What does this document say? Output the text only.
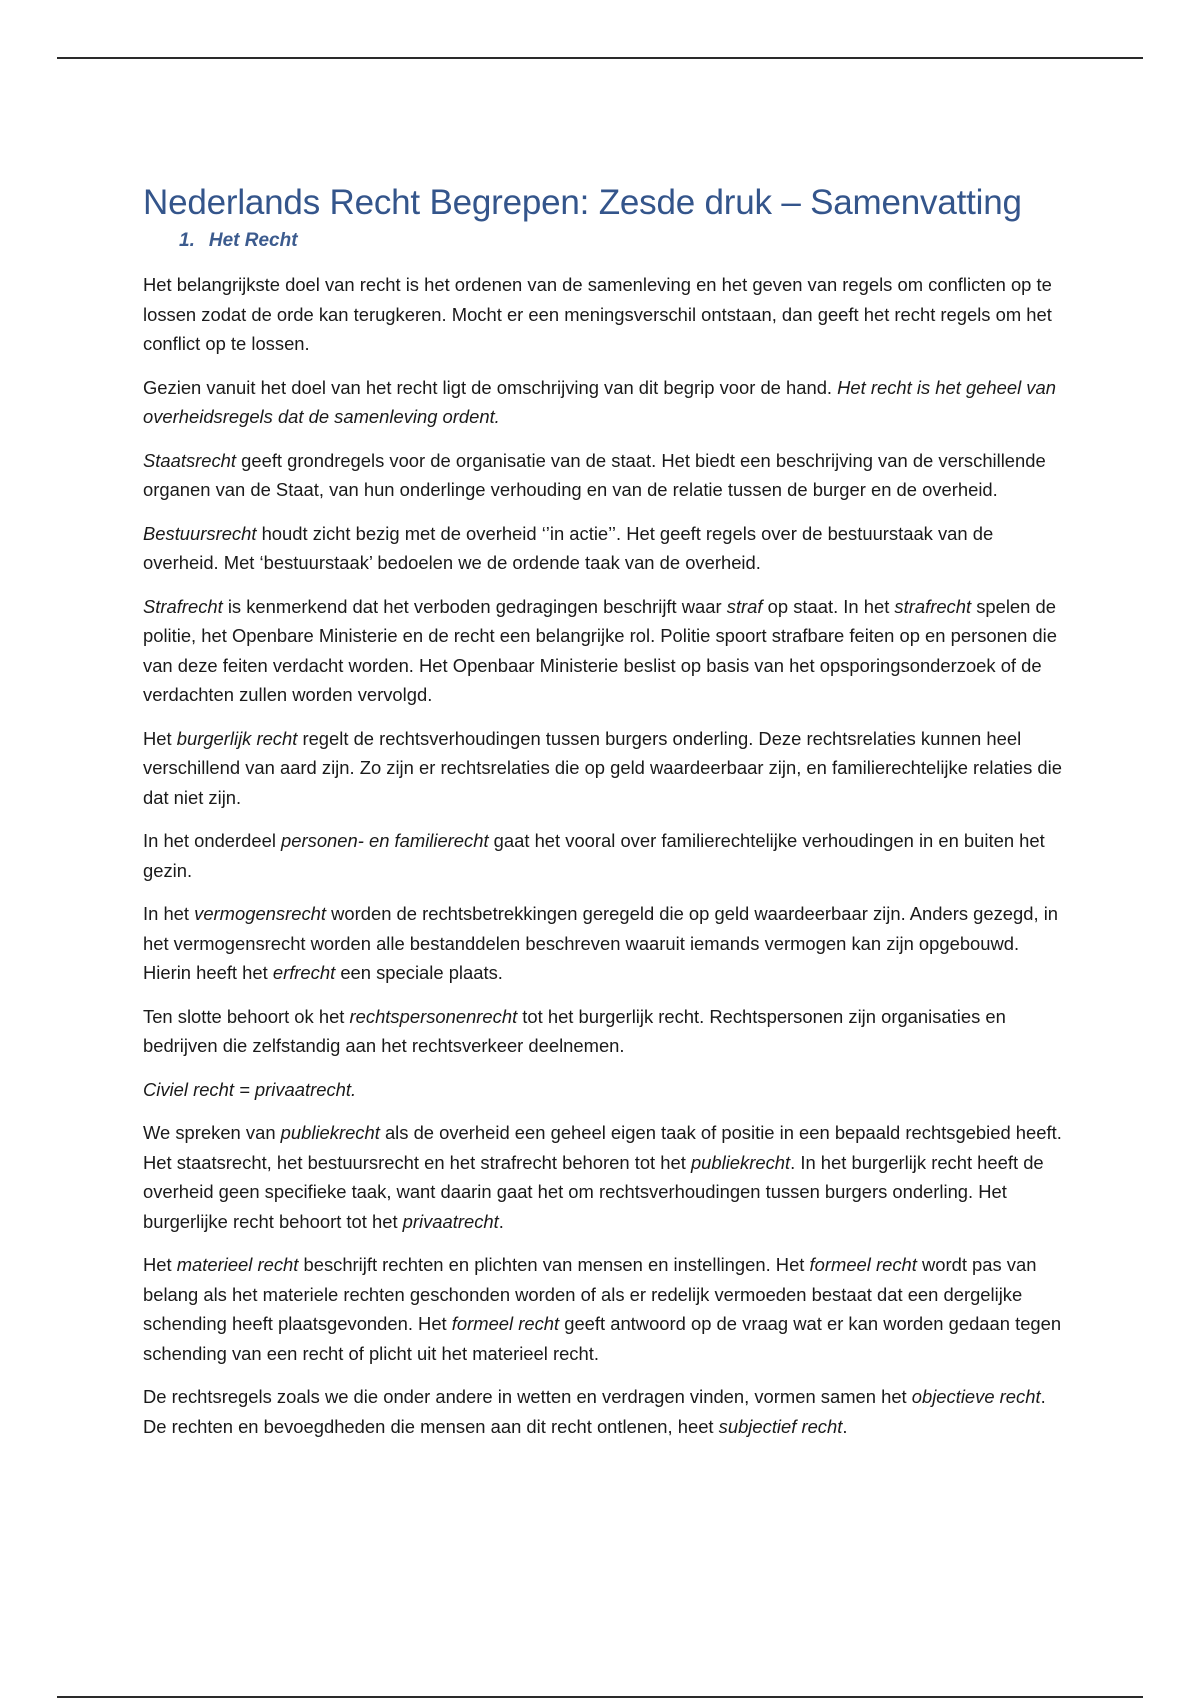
Nederlands Recht Begrepen: Zesde druk – Samenvatting
1. Het Recht

Het belangrijkste doel van recht is het ordenen van de samenleving en het geven van regels om conflicten op te lossen zodat de orde kan terugkeren. Mocht er een meningsverschil ontstaan, dan geeft het recht regels om het conflict op te lossen.

Gezien vanuit het doel van het recht ligt de omschrijving van dit begrip voor de hand. Het recht is het geheel van overheidsregels dat de samenleving ordent.

Staatsrecht geeft grondregels voor de organisatie van de staat. Het biedt een beschrijving van de verschillende organen van de Staat, van hun onderlinge verhouding en van de relatie tussen de burger en de overheid.

Bestuursrecht houdt zicht bezig met de overheid ‘’in actie’’. Het geeft regels over de bestuurstaak van de overheid. Met ‘bestuurstaak’ bedoelen we de ordende taak van de overheid.

Strafrecht is kenmerkend dat het verboden gedragingen beschrijft waar straf op staat. In het strafrecht spelen de politie, het Openbare Ministerie en de recht een belangrijke rol. Politie spoort strafbare feiten op en personen die van deze feiten verdacht worden. Het Openbaar Ministerie beslist op basis van het opsporingsonderzoek of de verdachten zullen worden vervolgd.

Het burgerlijk recht regelt de rechtsverhoudingen tussen burgers onderling. Deze rechtsrelaties kunnen heel verschillend van aard zijn. Zo zijn er rechtsrelaties die op geld waardeerbaar zijn, en familierechtelijke relaties die dat niet zijn.

In het onderdeel personen- en familierecht gaat het vooral over familierechtelijke verhoudingen in en buiten het gezin.

In het vermogensrecht worden de rechtsbetrekkingen geregeld die op geld waardeerbaar zijn. Anders gezegd, in het vermogensrecht worden alle bestanddelen beschreven waaruit iemands vermogen kan zijn opgebouwd. Hierin heeft het erfrecht een speciale plaats.

Ten slotte behoort ok het rechtspersonenrecht tot het burgerlijk recht. Rechtspersonen zijn organisaties en bedrijven die zelfstandig aan het rechtsverkeer deelnemen.

Civiel recht = privaatrecht.

We spreken van publiekrecht als de overheid een geheel eigen taak of positie in een bepaald rechtsgebied heeft. Het staatsrecht, het bestuursrecht en het strafrecht behoren tot het publiekrecht. In het burgerlijk recht heeft de overheid geen specifieke taak, want daarin gaat het om rechtsverhoudingen tussen burgers onderling. Het burgerlijke recht behoort tot het privaatrecht.

Het materieel recht beschrijft rechten en plichten van mensen en instellingen. Het formeel recht wordt pas van belang als het materiele rechten geschonden worden of als er redelijk vermoeden bestaat dat een dergelijke schending heeft plaatsgevonden. Het formeel recht geeft antwoord op de vraag wat er kan worden gedaan tegen schending van een recht of plicht uit het materieel recht.

De rechtsregels zoals we die onder andere in wetten en verdragen vinden, vormen samen het objectieve recht. De rechten en bevoegdheden die mensen aan dit recht ontlenen, heet subjectief recht.
